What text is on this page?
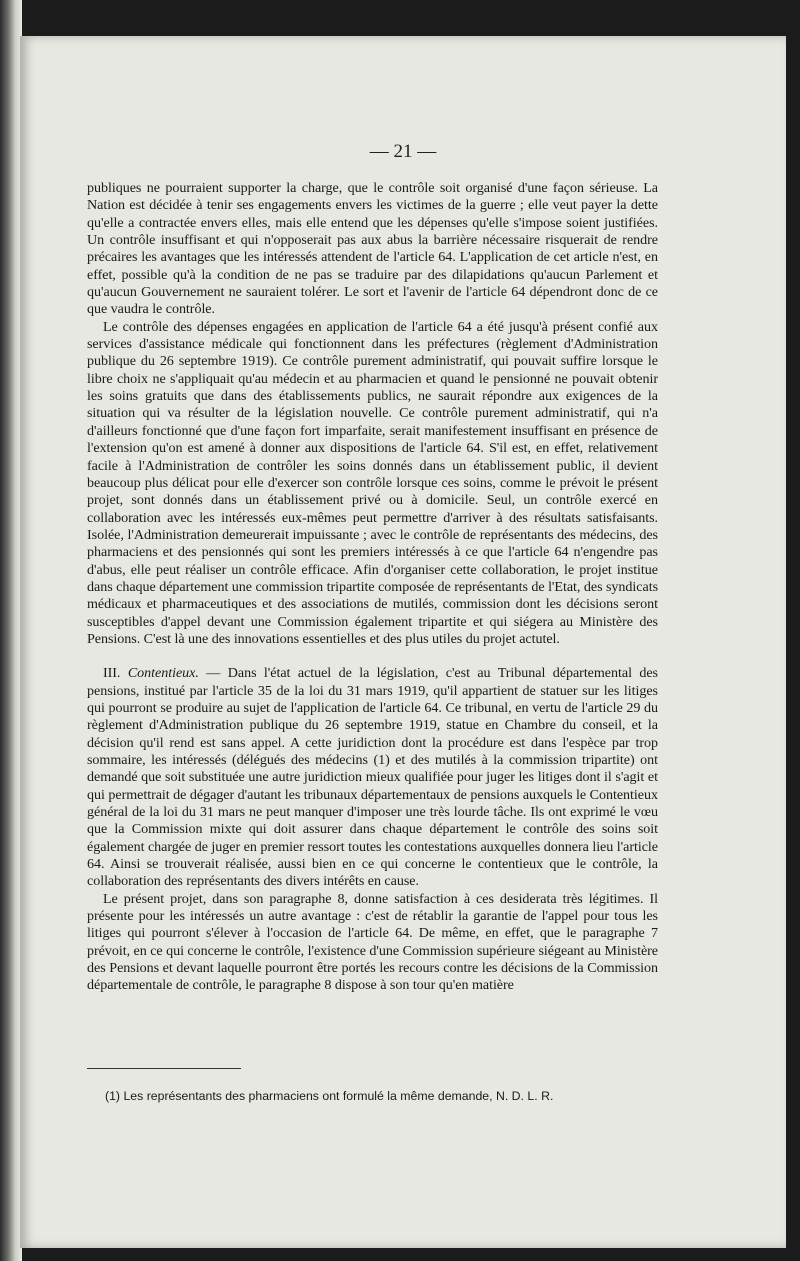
— 21 —

publiques ne pourraient supporter la charge, que le contrôle soit organisé d'une façon sérieuse. La Nation est décidée à tenir ses engagements envers les victimes de la guerre ; elle veut payer la dette qu'elle a contractée envers elles, mais elle entend que les dépenses qu'elle s'impose soient justifiées. Un contrôle insuffisant et qui n'opposerait pas aux abus la barrière nécessaire risquerait de rendre précaires les avantages que les intéressés attendent de l'article 64. L'application de cet article n'est, en effet, possible qu'à la condition de ne pas se traduire par des dilapidations qu'aucun Parlement et qu'aucun Gouvernement ne sauraient tolérer. Le sort et l'avenir de l'article 64 dépendront donc de ce que vaudra le contrôle.

Le contrôle des dépenses engagées en application de l'article 64 a été jusqu'à présent confié aux services d'assistance médicale qui fonctionnent dans les préfectures (règlement d'Administration publique du 26 septembre 1919). Ce contrôle purement administratif, qui pouvait suffire lorsque le libre choix ne s'appliquait qu'au médecin et au pharmacien et quand le pensionné ne pouvait obtenir les soins gratuits que dans des établissements publics, ne saurait répondre aux exigences de la situation qui va résulter de la législation nouvelle. Ce contrôle purement administratif, qui n'a d'ailleurs fonctionné que d'une façon fort imparfaite, serait manifestement insuffisant en présence de l'extension qu'on est amené à donner aux dispositions de l'article 64. S'il est, en effet, relativement facile à l'Administration de contrôler les soins donnés dans un établissement public, il devient beaucoup plus délicat pour elle d'exercer son contrôle lorsque ces soins, comme le prévoit le présent projet, sont donnés dans un établissement privé ou à domicile. Seul, un contrôle exercé en collaboration avec les intéressés eux-mêmes peut permettre d'arriver à des résultats satisfaisants. Isolée, l'Administration demeurerait impuissante ; avec le contrôle de représentants des médecins, des pharmaciens et des pensionnés qui sont les premiers intéressés à ce que l'article 64 n'engendre pas d'abus, elle peut réaliser un contrôle efficace. Afin d'organiser cette collaboration, le projet institue dans chaque département une commission tripartite composée de représentants de l'Etat, des syndicats médicaux et pharmaceutiques et des associations de mutilés, commission dont les décisions seront susceptibles d'appel devant une Commission également tripartite et qui siégera au Ministère des Pensions. C'est là une des innovations essentielles et des plus utiles du projet actutel.

III. Contentieux. — Dans l'état actuel de la législation, c'est au Tribunal départemental des pensions, institué par l'article 35 de la loi du 31 mars 1919, qu'il appartient de statuer sur les litiges qui pourront se produire au sujet de l'application de l'article 64. Ce tribunal, en vertu de l'article 29 du règlement d'Administration publique du 26 septembre 1919, statue en Chambre du conseil, et la décision qu'il rend est sans appel. A cette juridiction dont la procédure est dans l'espèce par trop sommaire, les intéressés (délégués des médecins (1) et des mutilés à la commission tripartite) ont demandé que soit substituée une autre juridiction mieux qualifiée pour juger les litiges dont il s'agit et qui permettrait de dégager d'autant les tribunaux départementaux de pensions auxquels le Contentieux général de la loi du 31 mars ne peut manquer d'imposer une très lourde tâche. Ils ont exprimé le vœu que la Commission mixte qui doit assurer dans chaque département le contrôle des soins soit également chargée de juger en premier ressort toutes les contestations auxquelles donnera lieu l'article 64. Ainsi se trouverait réalisée, aussi bien en ce qui concerne le contentieux que le contrôle, la collaboration des représentants des divers intérêts en cause.

Le présent projet, dans son paragraphe 8, donne satisfaction à ces desiderata très légitimes. Il présente pour les intéressés un autre avantage : c'est de rétablir la garantie de l'appel pour tous les litiges qui pourront s'élever à l'occasion de l'article 64. De même, en effet, que le paragraphe 7 prévoit, en ce qui concerne le contrôle, l'existence d'une Commission supérieure siégeant au Ministère des Pensions et devant laquelle pourront être portés les recours contre les décisions de la Commission départementale de contrôle, le paragraphe 8 dispose à son tour qu'en matière

(1) Les représentants des pharmaciens ont formulé la même demande, N. D. L. R.
